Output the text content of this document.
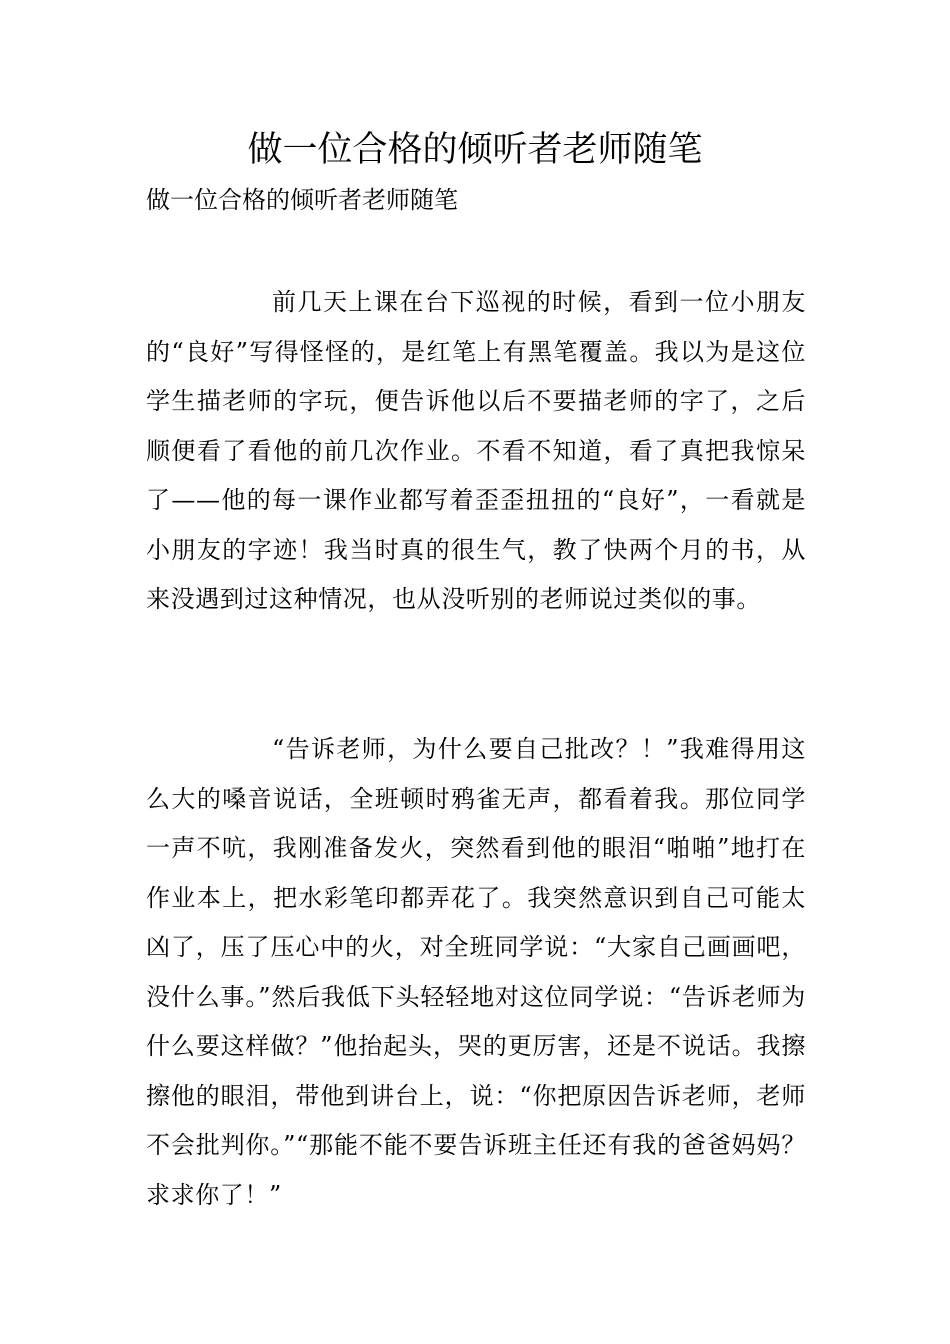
做一位合格的倾听者老师随笔

做一位合格的倾听者老师随笔

前几天上课在台下巡视的时候，看到一位小朋友的“良好”写得怪怪的，是红笔上有黑笔覆盖。我以为是这位学生描老师的字玩，便告诉他以后不要描老师的字了，之后顺便看了看他的前几次作业。不看不知道，看了真把我惊呆了——他的每一课作业都写着歪歪扭扭的“良好”，一看就是小朋友的字迹！我当时真的很生气，教了快两个月的书，从来没遇到过这种情况，也从没听别的老师说过类似的事。

“告诉老师，为什么要自己批改？！”我难得用这么大的嗓音说话，全班顿时鸦雀无声，都看着我。那位同学一声不吭，我刚准备发火，突然看到他的眼泪“啪啪”地打在作业本上，把水彩笔印都弄花了。我突然意识到自己可能太凶了，压了压心中的火，对全班同学说：“大家自己画画吧，没什么事。”然后我低下头轻轻地对这位同学说：“告诉老师为什么要这样做？”他抬起头，哭的更厉害，还是不说话。我擦擦他的眼泪，带他到讲台上，说：“你把原因告诉老师，老师不会批判你。”“那能不能不要告诉班主任还有我的爸爸妈妈？求求你了！”
